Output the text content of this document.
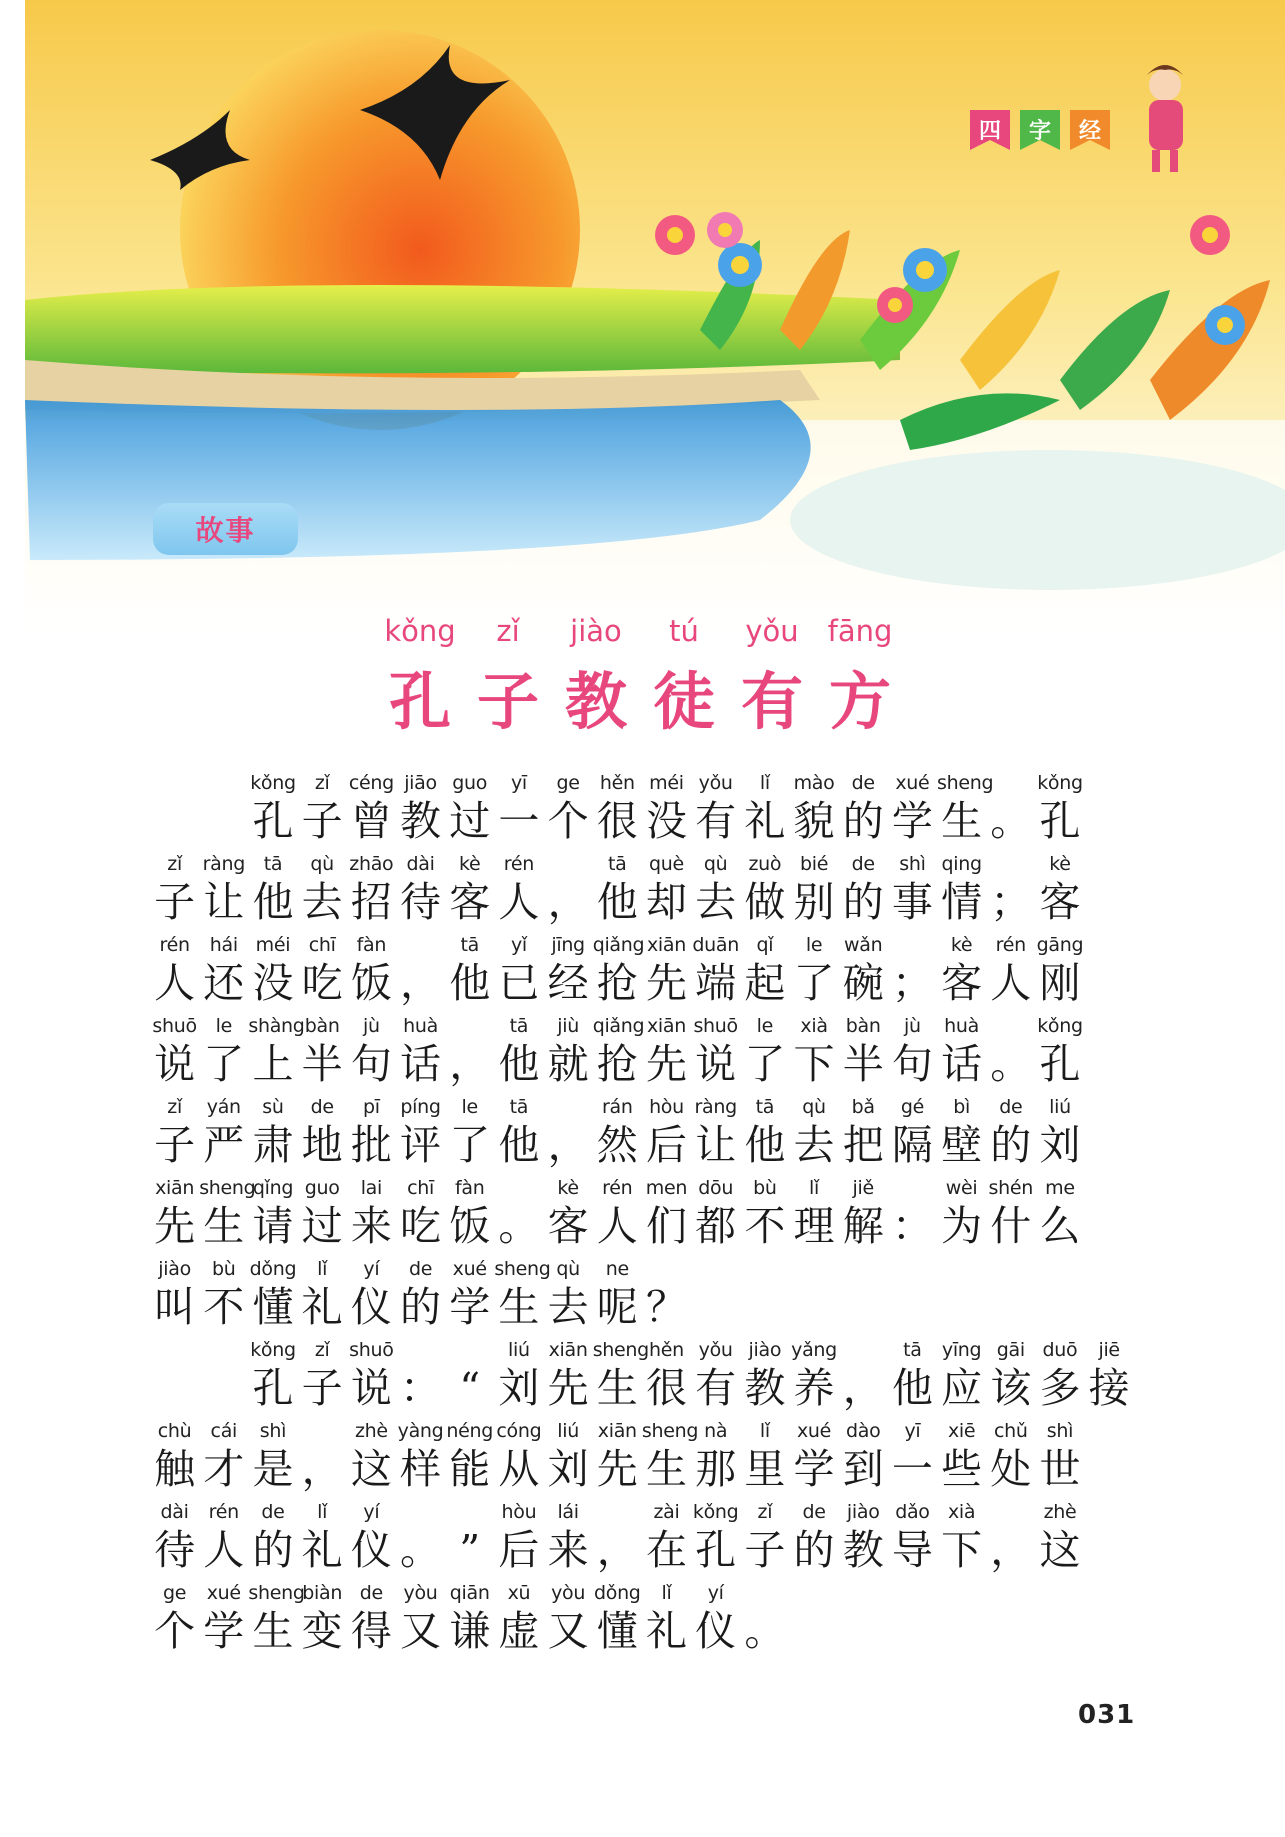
四 字 经
故事
kǒng	zǐ	jiào	tú	yǒu fāng
孔 子 教 徒 有 方
kǒng
孔
zǐ
子
céng
曾
jiāo
教
guo
过
yī
一
ge
个
hěn
很
méi
没
yǒu
有
lǐ
礼
mào
貌
de
的
xué
学
sheng
生 。
kǒng
孔
zǐ
子
ràng
让
tā
他
qù
去
zhāo
招
dài
待
kè
客
rén
人 ，
tā
他
què
却
qù
去
zuò
做
bié
别
de
的
shì
事
qing
情 ；
kè
客
rén
人
hái
还
méi
没
chī
吃
fàn
饭 ，
tā
他
yǐ
已
jīng
经
qiǎng
抢
xiān
先
duān
端
qǐ
起
le
了
wǎn
碗 ；
kè
客
rén
人
gāng
刚
shuō
说
le
了
shàng
上
bàn
半
jù
句
huà
话 ，
tā
他
jiù
就
qiǎng
抢
xiān
先
shuō
说
le
了
xià
下
bàn
半
jù
句
huà
话 。
kǒng
孔
zǐ
子
yán
严
sù
肃
de
地
pī
批
píng
评
le
了
tā
他 ，
rán
然
hòu
后
ràng
让
tā
他
qù
去
bǎ
把
gé
隔
bì
壁
de
的
liú
刘
xiān
先
sheng
生
qǐng
请
guo
过
lai
来
chī
吃
fàn
饭 。
kè
客
rén
人
men
们
dōu
都
bù
不
lǐ
理
jiě
解 ：
wèi
为
shén
什
me
么
jiào
叫
bù
不
dǒng
懂
lǐ
礼
yí
仪
de
的
xué
学
sheng
生
qù
去
ne
呢 ？
kǒng
孔
zǐ
子
shuō
说 ： “
liú
刘
xiān
先
sheng
生
hěn
很
yǒu
有
jiào
教
yǎng
养 ，
tā
他
yīng
应
gāi
该
duō
多
jiē
接
chù
触
cái
才
shì
是 ，
zhè
这
yàng
样
néng
能
cóng
从
liú
刘
xiān
先
sheng
生
nà
那
lǐ
里
xué
学
dào
到
yī
一
xiē
些
chǔ
处
shì
世
dài
待
rén
人
de
的
lǐ
礼
yí
仪 。 ”
hòu
后
lái
来 ，
zài
在
kǒng
孔
zǐ
子
de
的
jiào
教
dǎo
导
xià
下 ，
zhè
这
ge
个
xué
学
sheng
生
biàn
变
de
得
yòu
又
qiān
谦
xū
虚
yòu
又
dǒng
懂
lǐ
礼
yí
仪 。
031
